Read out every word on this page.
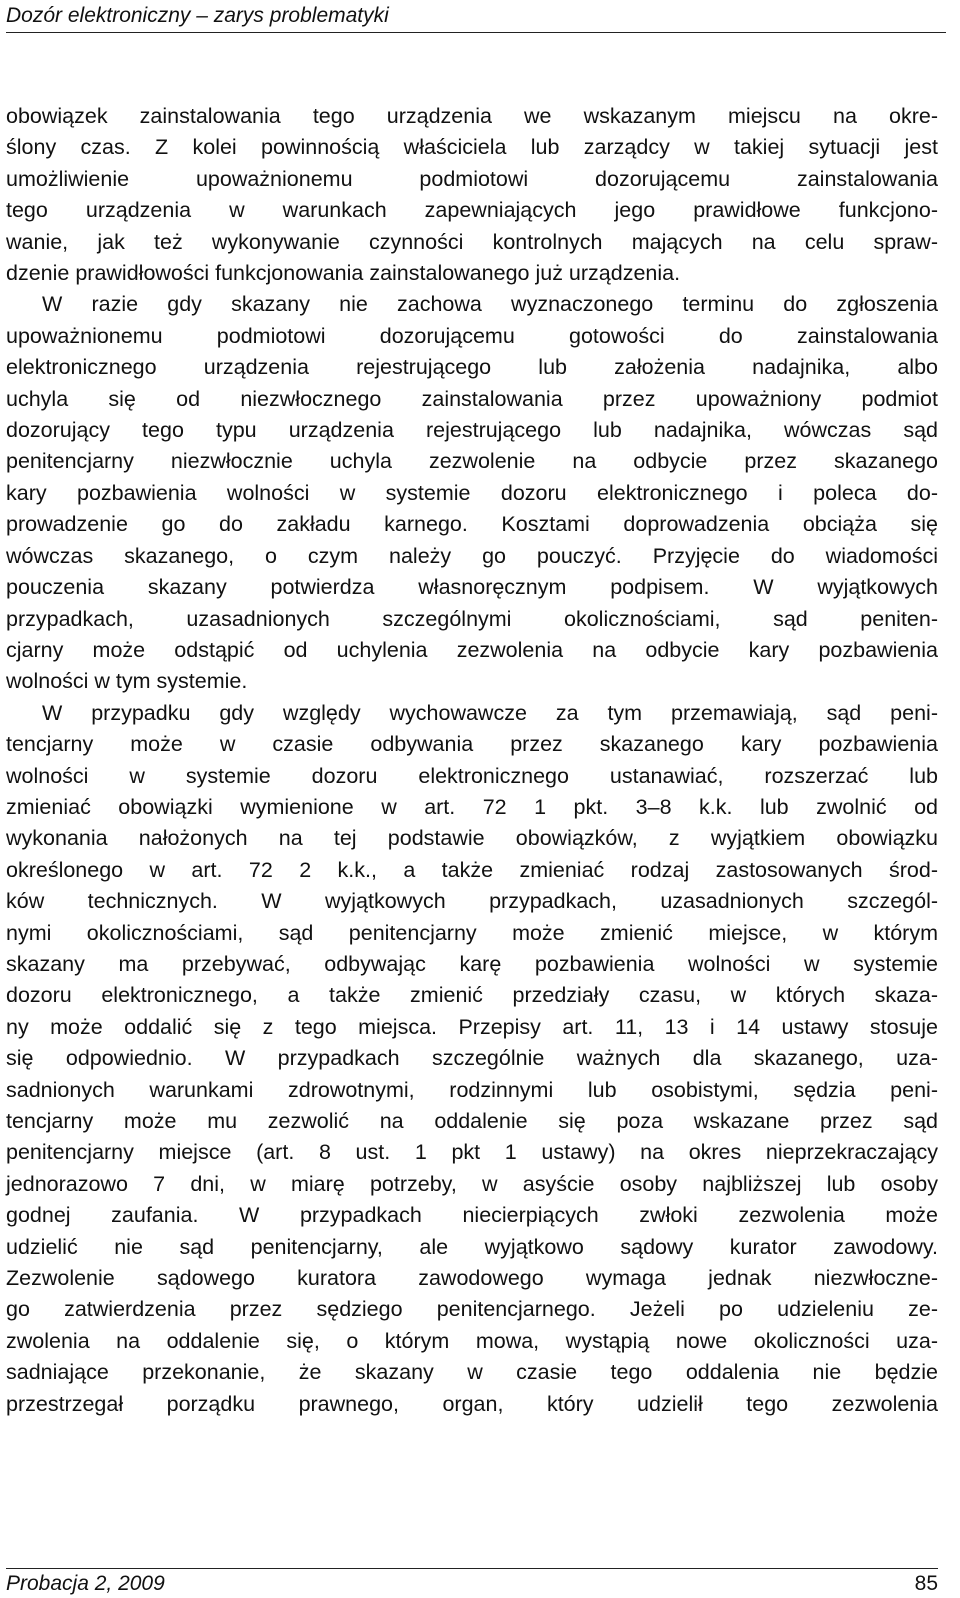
Dozór elektroniczny – zarys problematyki

obowiązek zainstalowania tego urządzenia we wskazanym miejscu na okre-
ślony czas. Z kolei powinnością właściciela lub zarządcy w takiej sytuacji jest
umożliwienie upoważnionemu podmiotowi dozorującemu zainstalowania
tego urządzenia w warunkach zapewniających jego prawidłowe funkcjono-
wanie, jak też wykonywanie czynności kontrolnych mających na celu spraw-
dzenie prawidłowości funkcjonowania zainstalowanego już urządzenia.

W razie gdy skazany nie zachowa wyznaczonego terminu do zgłoszenia
upoważnionemu podmiotowi dozorującemu gotowości do zainstalowania
elektronicznego urządzenia rejestrującego lub założenia nadajnika, albo
uchyla się od niezwłocznego zainstalowania przez upoważniony podmiot
dozorujący tego typu urządzenia rejestrującego lub nadajnika, wówczas sąd
penitencjarny niezwłocznie uchyla zezwolenie na odbycie przez skazanego
kary pozbawienia wolności w systemie dozoru elektronicznego i poleca do-
prowadzenie go do zakładu karnego. Kosztami doprowadzenia obciąża się
wówczas skazanego, o czym należy go pouczyć. Przyjęcie do wiadomości
pouczenia skazany potwierdza własnoręcznym podpisem. W wyjątkowych
przypadkach, uzasadnionych szczególnymi okolicznościami, sąd peniten-
cjarny może odstąpić od uchylenia zezwolenia na odbycie kary pozbawienia
wolności w tym systemie.

W przypadku gdy względy wychowawcze za tym przemawiają, sąd peni-
tencjarny może w czasie odbywania przez skazanego kary pozbawienia
wolności w systemie dozoru elektronicznego ustanawiać, rozszerzać lub
zmieniać obowiązki wymienione w art. 72 1 pkt. 3–8 k.k. lub zwolnić od
wykonania nałożonych na tej podstawie obowiązków, z wyjątkiem obowiązku
określonego w art. 72 2 k.k., a także zmieniać rodzaj zastosowanych środ-
ków technicznych. W wyjątkowych przypadkach, uzasadnionych szczegól-
nymi okolicznościami, sąd penitencjarny może zmienić miejsce, w którym
skazany ma przebywać, odbywając karę pozbawienia wolności w systemie
dozoru elektronicznego, a także zmienić przedziały czasu, w których skaza-
ny może oddalić się z tego miejsca. Przepisy art. 11, 13 i 14 ustawy stosuje
się odpowiednio. W przypadkach szczególnie ważnych dla skazanego, uza-
sadnionych warunkami zdrowotnymi, rodzinnymi lub osobistymi, sędzia peni-
tencjarny może mu zezwolić na oddalenie się poza wskazane przez sąd
penitencjarny miejsce (art. 8 ust. 1 pkt 1 ustawy) na okres nieprzekraczający
jednorazowo 7 dni, w miarę potrzeby, w asyście osoby najbliższej lub osoby
godnej zaufania. W przypadkach niecierpiących zwłoki zezwolenia może
udzielić nie sąd penitencjarny, ale wyjątkowo sądowy kurator zawodowy.
Zezwolenie sądowego kuratora zawodowego wymaga jednak niezwłoczne-
go zatwierdzenia przez sędziego penitencjarnego. Jeżeli po udzieleniu ze-
zwolenia na oddalenie się, o którym mowa, wystąpią nowe okoliczności uza-
sadniające przekonanie, że skazany w czasie tego oddalenia nie będzie
przestrzegał porządku prawnego, organ, który udzielił tego zezwolenia

Probacja 2, 2009	85
